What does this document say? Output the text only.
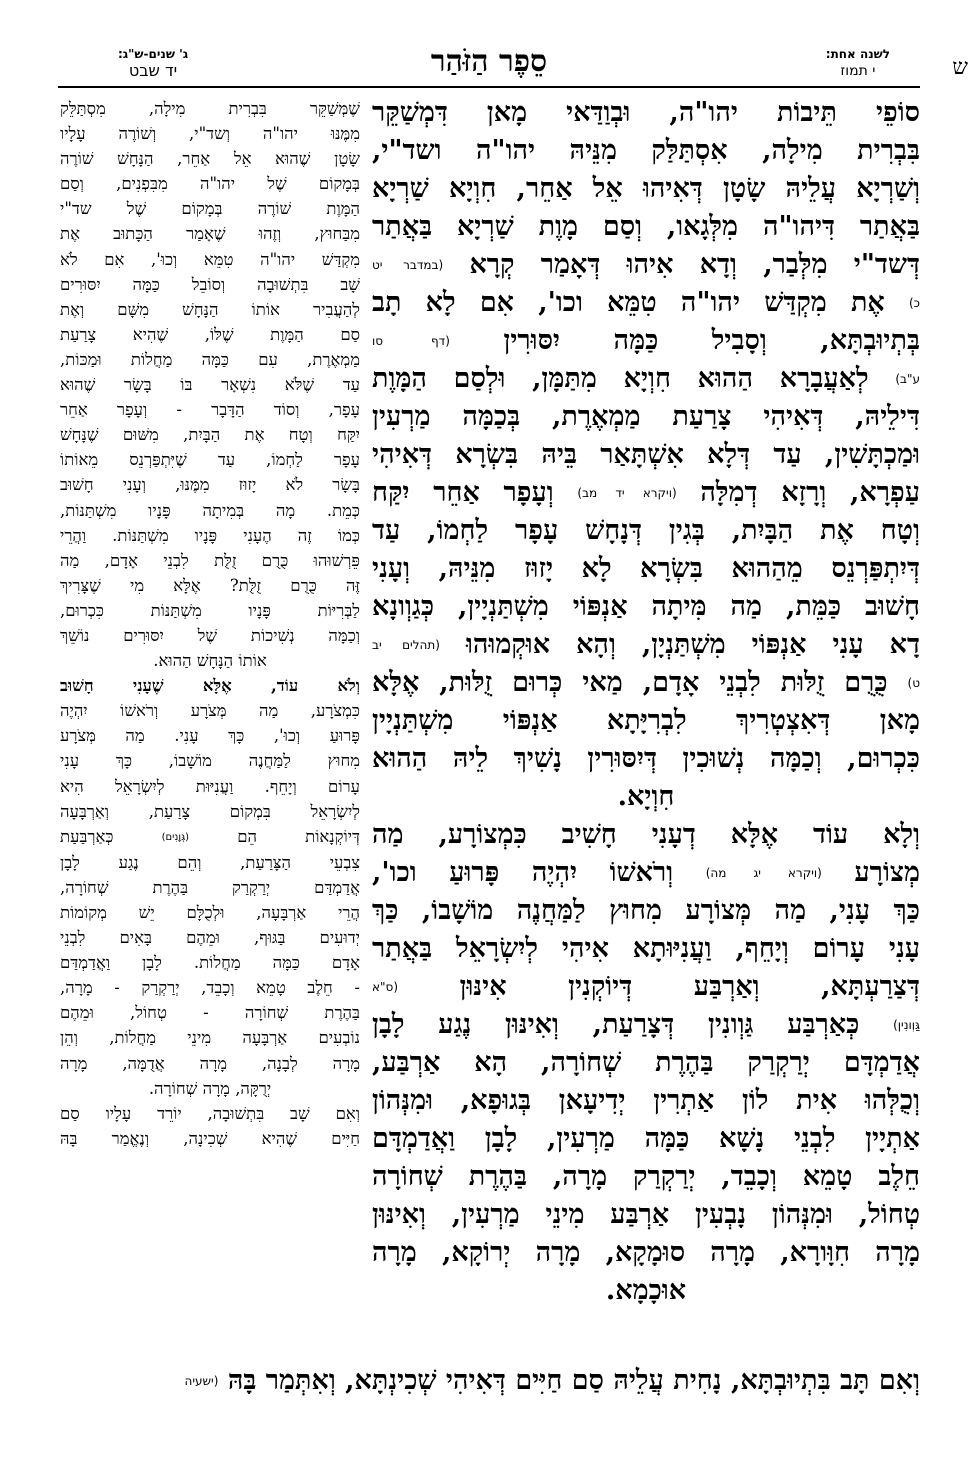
ש
לשנה אחת:
י תמוז
סֵפֶר הַזֹּהַר
ג' שנים-ש"ג:
יד שבט

סוֹפֵי תֵּיבוֹת יהו"ה, וּבְוַדַּאי מָאן דִּמְשַׁקֵּר

בִּבְרִית מִילָה, אִסְתַּלַּק מִנֵּיהּ יהו"ה ושד"י,

וְשַׁרְיָא עֲלֵיהּ שָׂטָן דְּאִיהוּ אֵל אַחֵר, חִוְיָא שַׁרְיָא

בַּאֲתַר דִּיהו"ה מִלְּגָאו, וְסַם מָוֶת שַׁרְיָא בַּאֲתַר

דְּשד"י מִלְּבַר, וְדָא אִיהוּ דְּאָמַר קְרָא (במדבר יט

כ) אֶת מִקְדַּשׁ יהו"ה טִמֵּא וכו', אִם לָא תָב

בְּתְיוּבְתָּא, וְסָבִיל כַּמָּה יִסּוּרִין (דף סו

ע"ב) לְאַעֲבָרָא הַהוּא חִוְיָא מִתַּמָּן, וּלְסַם הַמָּוֶת

דִּילֵיהּ, דְּאִיהִי צָרַעַת מַמְאֶרֶת, בְּכַמָּה מַרְעִין

וּמַכְתָּשִׁין, עַד דְּלָא אִשְׁתָּאַר בֵּיהּ בִּשְׂרָא דְּאִיהִי

עַפְרָא, וְרָזָא דְמִלָּה (ויקרא יד מב) וְעָפָר אַחֵר יִקַּח

וְטָח אֶת הַבָּיִת, בְּגִין דְּנָחָשׁ עָפָר לַחְמוֹ, עַד

דְּיִתְפַּרְנֵס מֵהַהוּא בִּשְׂרָא לָא יָזוּז מִנֵּיהּ, וְעָנִי

חָשׁוּב כַּמֵּת, מַה מִּיתָה אַנְפּוֹי מִשְׁתַּנְיָין, כְּגַוְונָא

דָא עָנִי אַנְפּוֹי מִשְׁתַּנְיָן, וְהָא אוּקְמוּהוּ (תהלים יב

ט) כֻּרֻם זֻלּוּת לִבְנֵי אָדָם, מַאי כְּרוּם זֻלּוּת, אֶלָּא

מָאן דְּאִצְטְרִיךְ לִבְרִיָּתָא אַנְפּוֹי מִשְׁתַּנְיָין

כִּכְרוּם, וְכַמָּה נְשׁוּכִין דְּיִסּוּרִין נָשִׁיךְ לֵיהּ הַהוּא

חִוְיָא.

וְלָא עוֹד אֶלָּא דְעָנִי חָשִׁיב כִּמְצוֹרָע, מַה

מְצוֹרָע (ויקרא יג מה) וְרֹאשׁוֹ יִהְיֶה פָּרוּעַ וכו',

כַּךְ עָנִי, מַה מְּצוֹרָע מִחוּץ לַמַּחֲנֶה מוֹשָׁבוֹ, כַּךְ

עָנִי עָרוֹם וְיָחֵף, וַעֲנִיּוּתָא אִיהִי לְיִשְׂרָאֵל בַּאֲתַר

דְּצַרַעְתָּא, וְאַרְבַּע דְּיוֹקְנִין אִינּוּן (ס"א

גַּוְונִין) כְּאַרְבַּע גַּוְונִין דְּצָרַעַת, וְאִינּוּן נֶגַע לָבָן

אֲדַמְדָּם יְרַקְרַק בַּהֶרֶת שְׁחוֹרָה, הָא אַרְבַּע,

וְכֻלְּהוּ אִית לוֹן אַתְרִין יְדִיעָאן בְּגוּפָא, וּמִנְּהוֹן

אַתְיָין לִבְנֵי נָשָׁא כַּמָּה מַרְעִין, לָבָן וַאֲדַמְדָּם

חֵלֶב טָמֵא וְכָבֵד, יְרַקְרַק מָרָה, בַּהֶרֶת שְׁחוֹרָה

טְחוֹל, וּמִנְּהוֹן נָבְעִין אַרְבַּע מִינֵי מַרְעִין, וְאִינּוּן

מָרָה חִוָּורָא, מָרָה סוּמָקָא, מָרָה יְרוֹקָא, מָרָה

אוּכָמָא.

שֶׁמְּשַׁקֵּר בִּבְרִית מִילָה, מִסְתַּלֵּק

מִמֶּנּוּ יהו"ה וְשד"י, וְשׁוֹרֶה עָלָיו

שָׂטָן שֶׁהוּא אֵל אַחֵר, הַנָּחָשׁ שׁוֹרֶה

בְּמָקוֹם שֶׁל יהו"ה מִבִּפְנִים, וְסַם

הַמָּוֶת שׁוֹרֶה בְּמָקוֹם שֶׁל שד"י

מִבַּחוּץ, וְזֶהוּ שֶׁאָמַר הַכָּתוּב אֶת

מִקְדַּשׁ יהו"ה טִמֵּא וְכוּ', אִם לֹא

שָׁב בִּתְשׁוּבָה וְסוֹבֵל כַּמָּה יִסּוּרִים

לְהַעֲבִיר אוֹתוֹ הַנָּחָשׁ מִשָּׁם וְאֶת

סַם הַמָּוֶת שֶׁלּוֹ, שֶׁהִיא צָרַעַת

מַמְאֶרֶת, עִם כַּמָּה מַחֲלוֹת וּמַכּוֹת,

עַד שֶׁלֹּא נִשְׁאָר בּוֹ בָּשָׂר שֶׁהוּא

עָפָר, וְסוֹד הַדָּבָר - וְעָפָר אַחֵר

יִקַּח וְטָח אֶת הַבָּיִת, מִשּׁוּם שֶׁנָּחָשׁ

עָפָר לַחְמוֹ, עַד שֶׁיִּתְפַּרְנֵס מֵאוֹתוֹ

בָּשָׂר לֹא יָזוּז מִמֶּנּוּ, וְעָנִי חָשׁוּב

כְּמֵת. מָה בְּמִיתָה פָּנָיו מִשְׁתַּנּוֹת,

כְּמוֹ זֶה הֶעָנִי פָּנָיו מִשְׁתַּנּוֹת. וַהֲרֵי

פֵּרְשׁוּהוּ כֻּרֻם זֻלֻּת לִבְנֵי אָדָם, מַה

זֶּה כֻּרֻם זֻלֻּת? אֶלָּא מִי שֶׁצָּרִיךְ

לַבְּרִיּוֹת פָּנָיו מִשְׁתַּנּוֹת כִּכְרוּם,

וְכַמָּה נְשִׁיכוֹת שֶׁל יִסּוּרִים נוֹשֵׁךְ

אוֹתוֹ הַנָּחָשׁ הַהוּא.

וְלֹא עוֹד, אֶלָּא שֶׁעָנִי חָשׁוּב

כִּמְצֹרָע, מַה מְּצֹרָע וְרֹאשׁוֹ יִהְיֶה

פָּרוּעַ וְכוּ', כָּךְ עָנִי. מַה מְּצֹרָע

מִחוּץ לַמַּחֲנֶה מוֹשָׁבוֹ, כָּךְ עָנִי

עָרוֹם וְיָחֵף. וַעֲנִיּוּת לְיִשְׂרָאֵל הִיא

לְיִשְׂרָאֵל בִּמְקוֹם צָרַעַת, וְאַרְבָּעָה

דְּיוֹקְנָאוֹת הֵם (גְּוָנִים) כְּאַרְבַּעַת

צִבְעֵי הַצָּרַעַת, וְהֵם נֶגַע לָבָן

אֲדַמְדַּם יְרַקְרַק בַּהֶרֶת שְׁחוֹרָה,

הֲרֵי אַרְבָּעָה, וּלְכֻלָּם יֵשׁ מְקוֹמוֹת

יְדוּעִים בַּגּוּף, וּמֵהֶם בָּאִים לִבְנֵי

אָדָם כַּמָּה מַחֲלוֹת. לָבָן וַאֲדַמְדַּם

- חֵלֶב טָמֵא וְכָבֵד, יְרַקְרַק - מָרָה,

בַּהֶרֶת שְׁחוֹרָה - טְחוֹל, וּמֵהֶם

נוֹבְעִים אַרְבָּעָה מִינֵי מַחֲלוֹת, וְהֵן

מָרָה לְבָנָה, מָרָה אֲדֻמָּה, מָרָה

יְרֻקָּה, מָרָה שְׁחוֹרָה.

וְאִם שָׁב בִּתְשׁוּבָה, יוֹרֵד עָלָיו סַם

חַיִּים שֶׁהִיא שְׁכִינָה, וְנֶאֱמַר בָּהּ

וְאִם תָּב בִּתְיוּבְתָּא, נָחִית עֲלֵיהּ סַם חַיִּים דְּאִיהִי שְׁכִינְתָּא, וְאִתְּמַר בָּהּ (ישעיה
